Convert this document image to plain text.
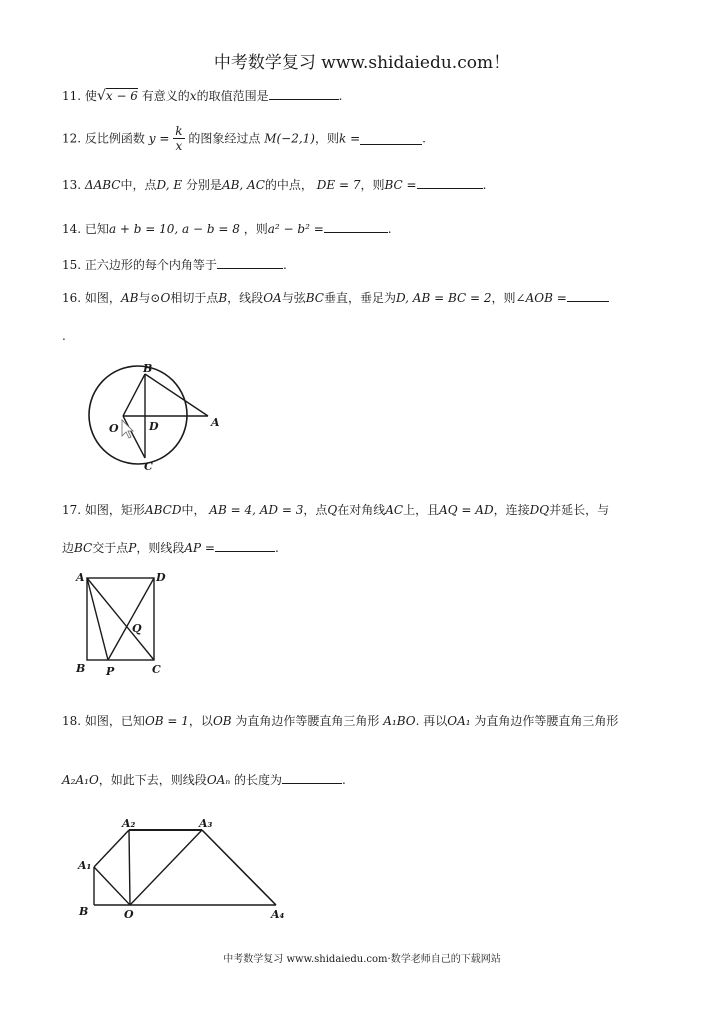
中考数学复习 www.shidaiedu.com！
11. 使√x − 6 有意义的x的取值范围是	.
12. 反比例函数 $y = \frac{k}{x}$ 的图象经过点 M(−2,1)，则k =	.
13. ΔABC中，点D, E 分别是AB, AC的中点， DE = 7，则BC =	.
14. 已知a + b = 10, a − b = 8 ，则a² − b² =	.
15. 正六边形的每个内角等于	.
16. 如图，AB与⊙O相切于点B，线段OA与弦BC垂直，垂足为D, AB = BC = 2，则∠AOB =
.
B
O	D	A
C
17. 如图，矩形ABCD中， AB = 4, AD = 3，点Q在对角线AC上，且AQ = AD，连接DQ并延长，与
边BC交于点P，则线段AP =	.
A	D
Q
B P	C
18. 如图，已知OB = 1，以OB 为直角边作等腰直角三角形 A₁BO. 再以OA₁ 为直角边作等腰直角三角形
A₂A₁O，如此下去，则线段OAₙ 的长度为	.
A₁
A₂	A₃
A₄
B	O
中考数学复习 www.shidaiedu.com·数学老师自己的下载网站
